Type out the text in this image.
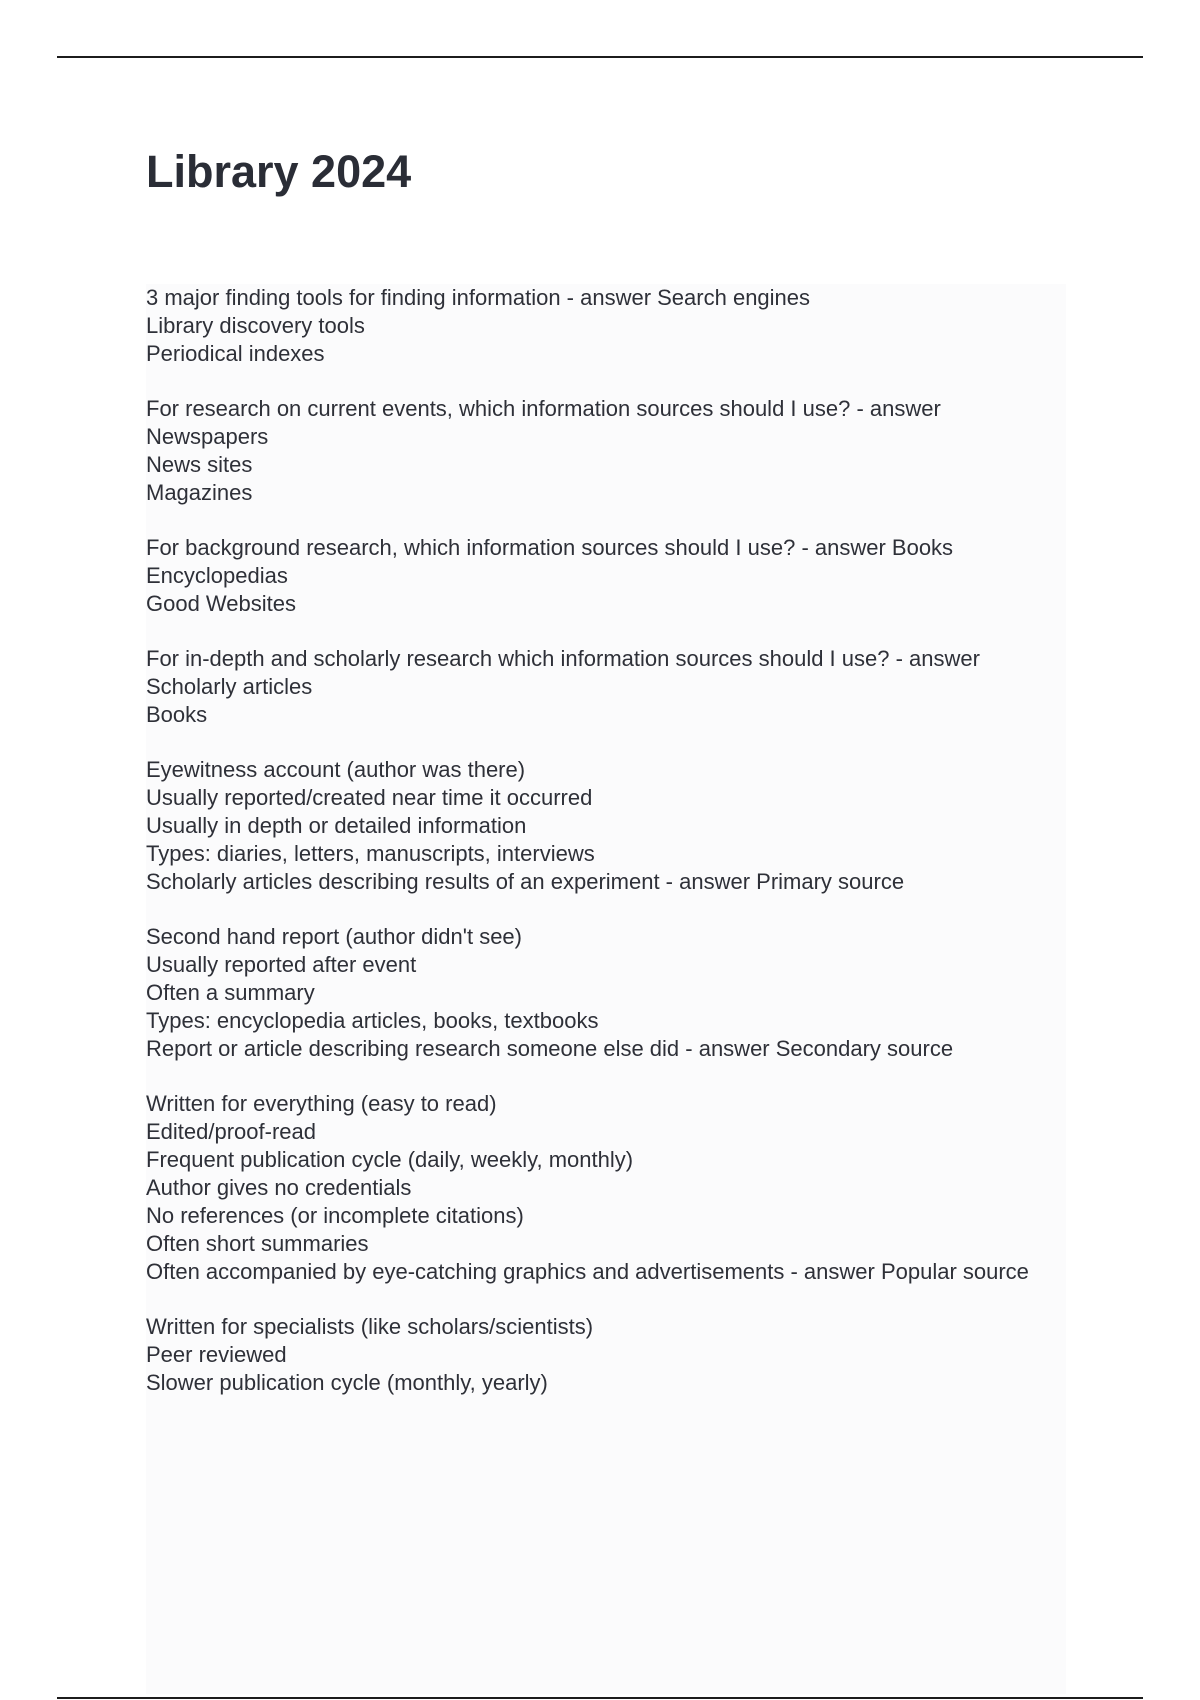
Library 2024
3 major finding tools for finding information - answer Search engines
Library discovery tools
Periodical indexes
For research on current events, which information sources should I use? - answer
Newspapers
News sites
Magazines
For background research, which information sources should I use? - answer Books
Encyclopedias
Good Websites
For in-depth and scholarly research which information sources should I use? - answer
Scholarly articles
Books
Eyewitness account (author was there)
Usually reported/created near time it occurred
Usually in depth or detailed information
Types: diaries, letters, manuscripts, interviews
Scholarly articles describing results of an experiment - answer Primary source
Second hand report (author didn't see)
Usually reported after event
Often a summary
Types: encyclopedia articles, books, textbooks
Report or article describing research someone else did - answer Secondary source
Written for everything (easy to read)
Edited/proof-read
Frequent publication cycle (daily, weekly, monthly)
Author gives no credentials
No references (or incomplete citations)
Often short summaries
Often accompanied by eye-catching graphics and advertisements - answer Popular source
Written for specialists (like scholars/scientists)
Peer reviewed
Slower publication cycle (monthly, yearly)
